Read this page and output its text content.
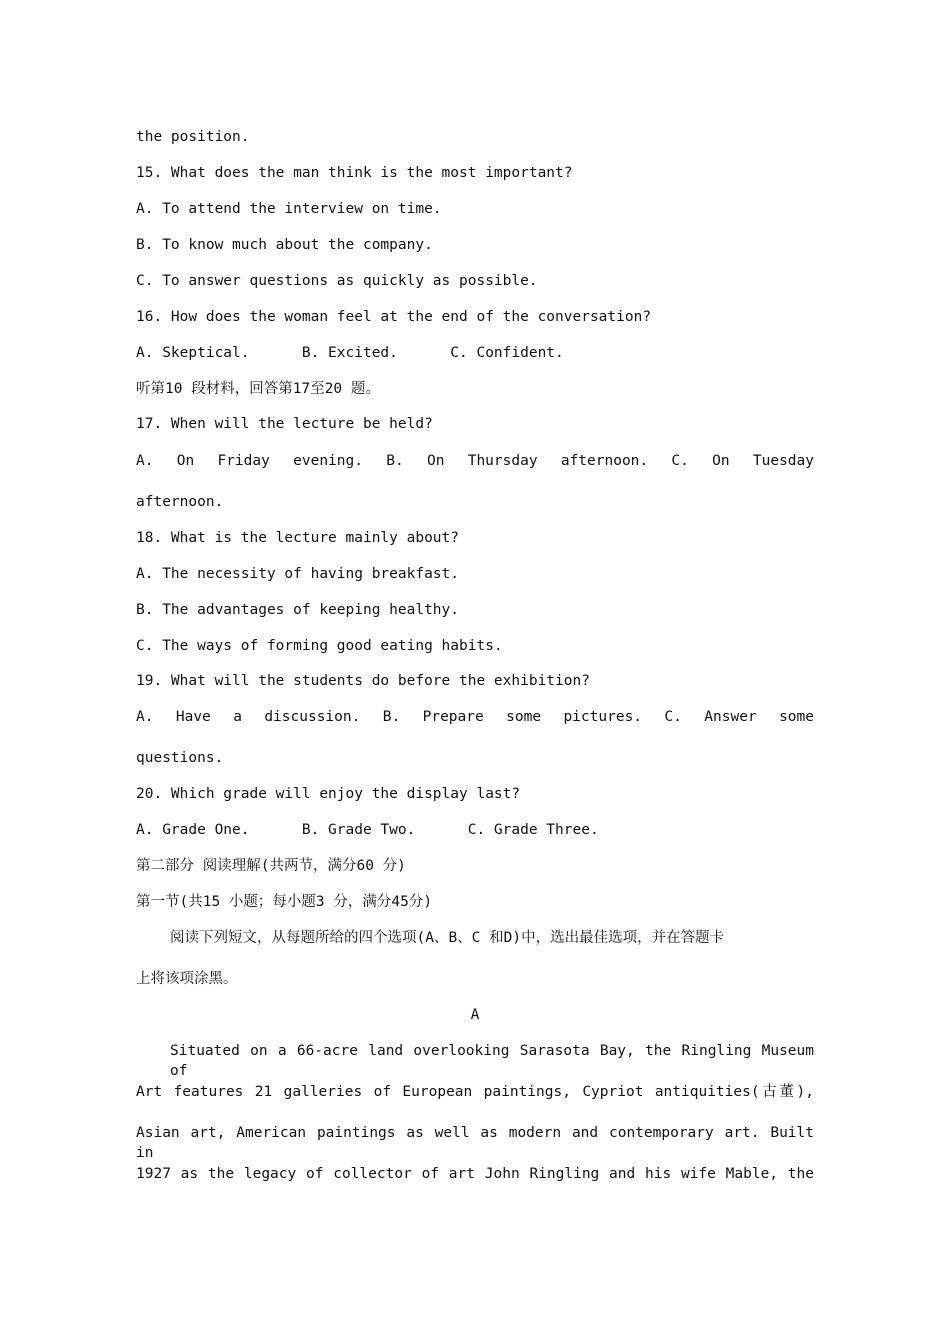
the position.
15. What does the man think is the most important?
A. To attend the interview on time.
B. To know much about the company.
C. To answer questions as quickly as possible.
16. How does the woman feel at the end of the conversation?
A. Skeptical.      B. Excited.      C. Confident.
听第10 段材料，回答第17至20 题。
17. When will the lecture be held?
A. On Friday evening. B. On Thursday afternoon. C. On Tuesday
afternoon.
18. What is the lecture mainly about?
A. The necessity of having breakfast.
B. The advantages of keeping healthy.
C. The ways of forming good eating habits.
19. What will the students do before the exhibition?
A. Have a discussion. B. Prepare some pictures. C. Answer some
questions.
20. Which grade will enjoy the display last?
A. Grade One.      B. Grade Two.      C. Grade Three.
第二部分 阅读理解(共两节，满分60 分)
第一节(共15 小题；每小题3 分，满分45分)
阅读下列短文，从每题所给的四个选项(A、B、C 和D)中，选出最佳选项，并在答题卡
上将该项涂黑。
A
Situated on a 66-acre land overlooking Sarasota Bay, the Ringling Museum of
Art features 21 galleries of European paintings, Cypriot antiquities(古董),
Asian art, American paintings as well as modern and contemporary art. Built in
1927 as the legacy of collector of art John Ringling and his wife Mable, the
